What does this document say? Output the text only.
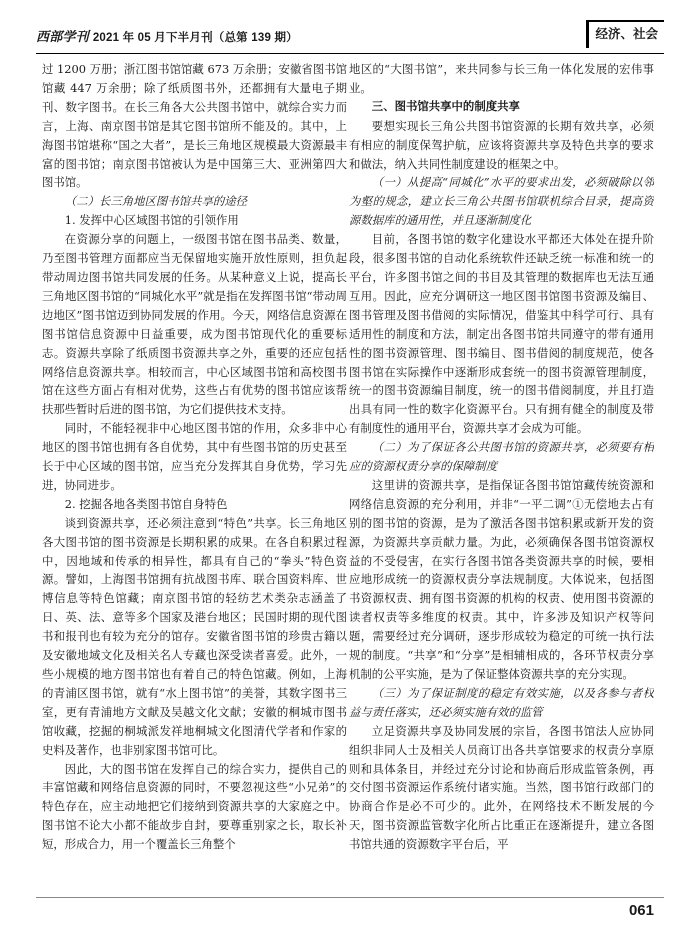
西部学刊 2021 年 05 月下半月刊（总第 139 期）	经济、社会

过 1200 万册；浙江图书馆馆藏 673 万余册；安徽省图书馆馆藏 447 万余册；除了纸质图书外，还都拥有大量电子期刊、数字图书。在长三角各大公共图书馆中，就综合实力而言，上海、南京图书馆是其它图书馆所不能及的。其中，上海图书馆堪称“国之大者”，是长三角地区规模最大资源最丰富的图书馆；南京图书馆被认为是中国第三大、亚洲第四大图书馆。

（二）长三角地区图书馆共享的途径

1. 发挥中心区域图书馆的引领作用

在资源分享的问题上，一级图书馆在图书品类、数量，乃至图书管理方面都应当无保留地实施开放性原则，担负起带动周边图书馆共同发展的任务。从某种意义上说，提高长三角地区图书馆的“同城化水平”就是指在发挥图书馆“带动周边地区”图书馆迈到协同发展的作用。今天，网络信息资源在图书馆信息资源中日益重要，成为图书馆现代化的重要标志。资源共享除了纸质图书资源共享之外，重要的还应包括网络信息资源共享。相较而言，中心区域图书馆和高校图书馆在这些方面占有相对优势，这些占有优势的图书馆应该帮扶那些暂时后进的图书馆，为它们提供技术支持。

同时，不能轻视非中心地区图书馆的作用，众多非中心地区的图书馆也拥有各自优势，其中有些图书馆的历史甚至长于中心区域的图书馆，应当充分发挥其自身优势，学习先进，协同进步。

2. 挖掘各地各类图书馆自身特色

谈到资源共享，还必须注意到“特色”共享。长三角地区各大图书馆的图书资源是长期积累的成果。在各自积累过程中，因地域和传承的相异性，都具有自己的“拳头”特色资源。譬如，上海图书馆拥有抗战图书库、联合国资料库、世博信息等特色馆藏；南京图书馆的轻纺艺术类杂志涵盖了日、英、法、意等多个国家及港台地区；民国时期的现代图书和报刊也有较为充分的馆存。安徽省图书馆的珍贵古籍以及安徽地域文化及相关名人专藏也深受读者喜爱。此外，一些小规模的地方图书馆也有着自己的特色馆藏。例如，上海的青浦区图书馆，就有“水上图书馆”的美誉，其数字图书三室，更有青浦地方文献及吴越文化文献；安徽的桐城市图书馆收藏，挖掘的桐城派发祥地桐城文化图清代学者和作家的史料及著作，也非别家图书馆可比。

因此，大的图书馆在发挥自己的综合实力，提供自己的丰富馆藏和网络信息资源的同时，不要忽视这些“小兄弟”的特色存在，应主动地把它们接纳到资源共享的大家庭之中。图书馆不论大小都不能故步自封，要尊重别家之长，取长补短，形成合力，用一个覆盖长三角整个

地区的“大图书馆”，来共同参与长三角一体化发展的宏伟事业。

三、图书馆共享中的制度共享

要想实现长三角公共图书馆资源的长期有效共享，必须有相应的制度保驾护航，应该将资源共享及特色共享的要求和做法，纳入共同性制度建设的框架之中。

（一）从提高“同城化”水平的要求出发，必须破除以邻为壑的规念，建立长三角公共图书馆联机综合目录，提高资源数据库的通用性，并且逐渐制度化

目前，各图书馆的数字化建设水平都还大体处在提升阶段，很多图书馆的自动化系统软件还缺乏统一标准和统一的平台，许多图书馆之间的书目及其管理的数据库也无法互通互用。因此，应充分调研这一地区图书馆图书资源及编目、图书管理及图书借阅的实际情况，借鉴其中科学可行、具有适用性的制度和方法，制定出各图书馆共同遵守的带有通用性的图书资源管理、图书编目、图书借阅的制度规范，使各图书馆在实际操作中逐渐形成套统一的图书资源管理制度，统一的图书资源编目制度，统一的图书借阅制度，并且打造出具有同一性的数字化资源平台。只有拥有健全的制度及带有制度性的通用平台，资源共享才会成为可能。

（二）为了保证各公共图书馆的资源共享，必须要有相应的资源权责分享的保障制度

这里讲的资源共享，是指保证各图书馆馆藏传统资源和网络信息资源的充分利用，并非“一平二调”①无偿地去占有别的图书馆的资源，是为了激活各图书馆积累或新开发的资源，为资源共享贡献力量。为此，必须确保各图书馆资源权益的不受侵害，在实行各图书馆各类资源共享的时候，要相应地形成统一的资源权责分享法规制度。大体说来，包括图书资源权责、拥有图书资源的机构的权责、使用图书资源的读者权责等多维度的权责。其中，许多涉及知识产权等问题，需要经过充分调研，逐步形成较为稳定的可统一执行法规的制度。“共享”和“分享”是相辅相成的，各环节权责分享机制的公平实施，是为了保证整体资源共享的充分实现。

（三）为了保证制度的稳定有效实施，以及各参与者权益与责任落实，还必须实施有效的监管

立足资源共享及协同发展的宗旨，各图书馆法人应协同组织非同人士及相关人员商订出各共享馆要求的权责分享原则和具体条目，并经过充分讨论和协商后形成监管条例，再交付图书资源运作系统付诸实施。当然，图书馆行政部门的协商合作是必不可少的。此外，在网络技术不断发展的今天，图书资源监管数字化所占比重正在逐渐提升，建立各图书馆共通的资源数字平台后，平

061
